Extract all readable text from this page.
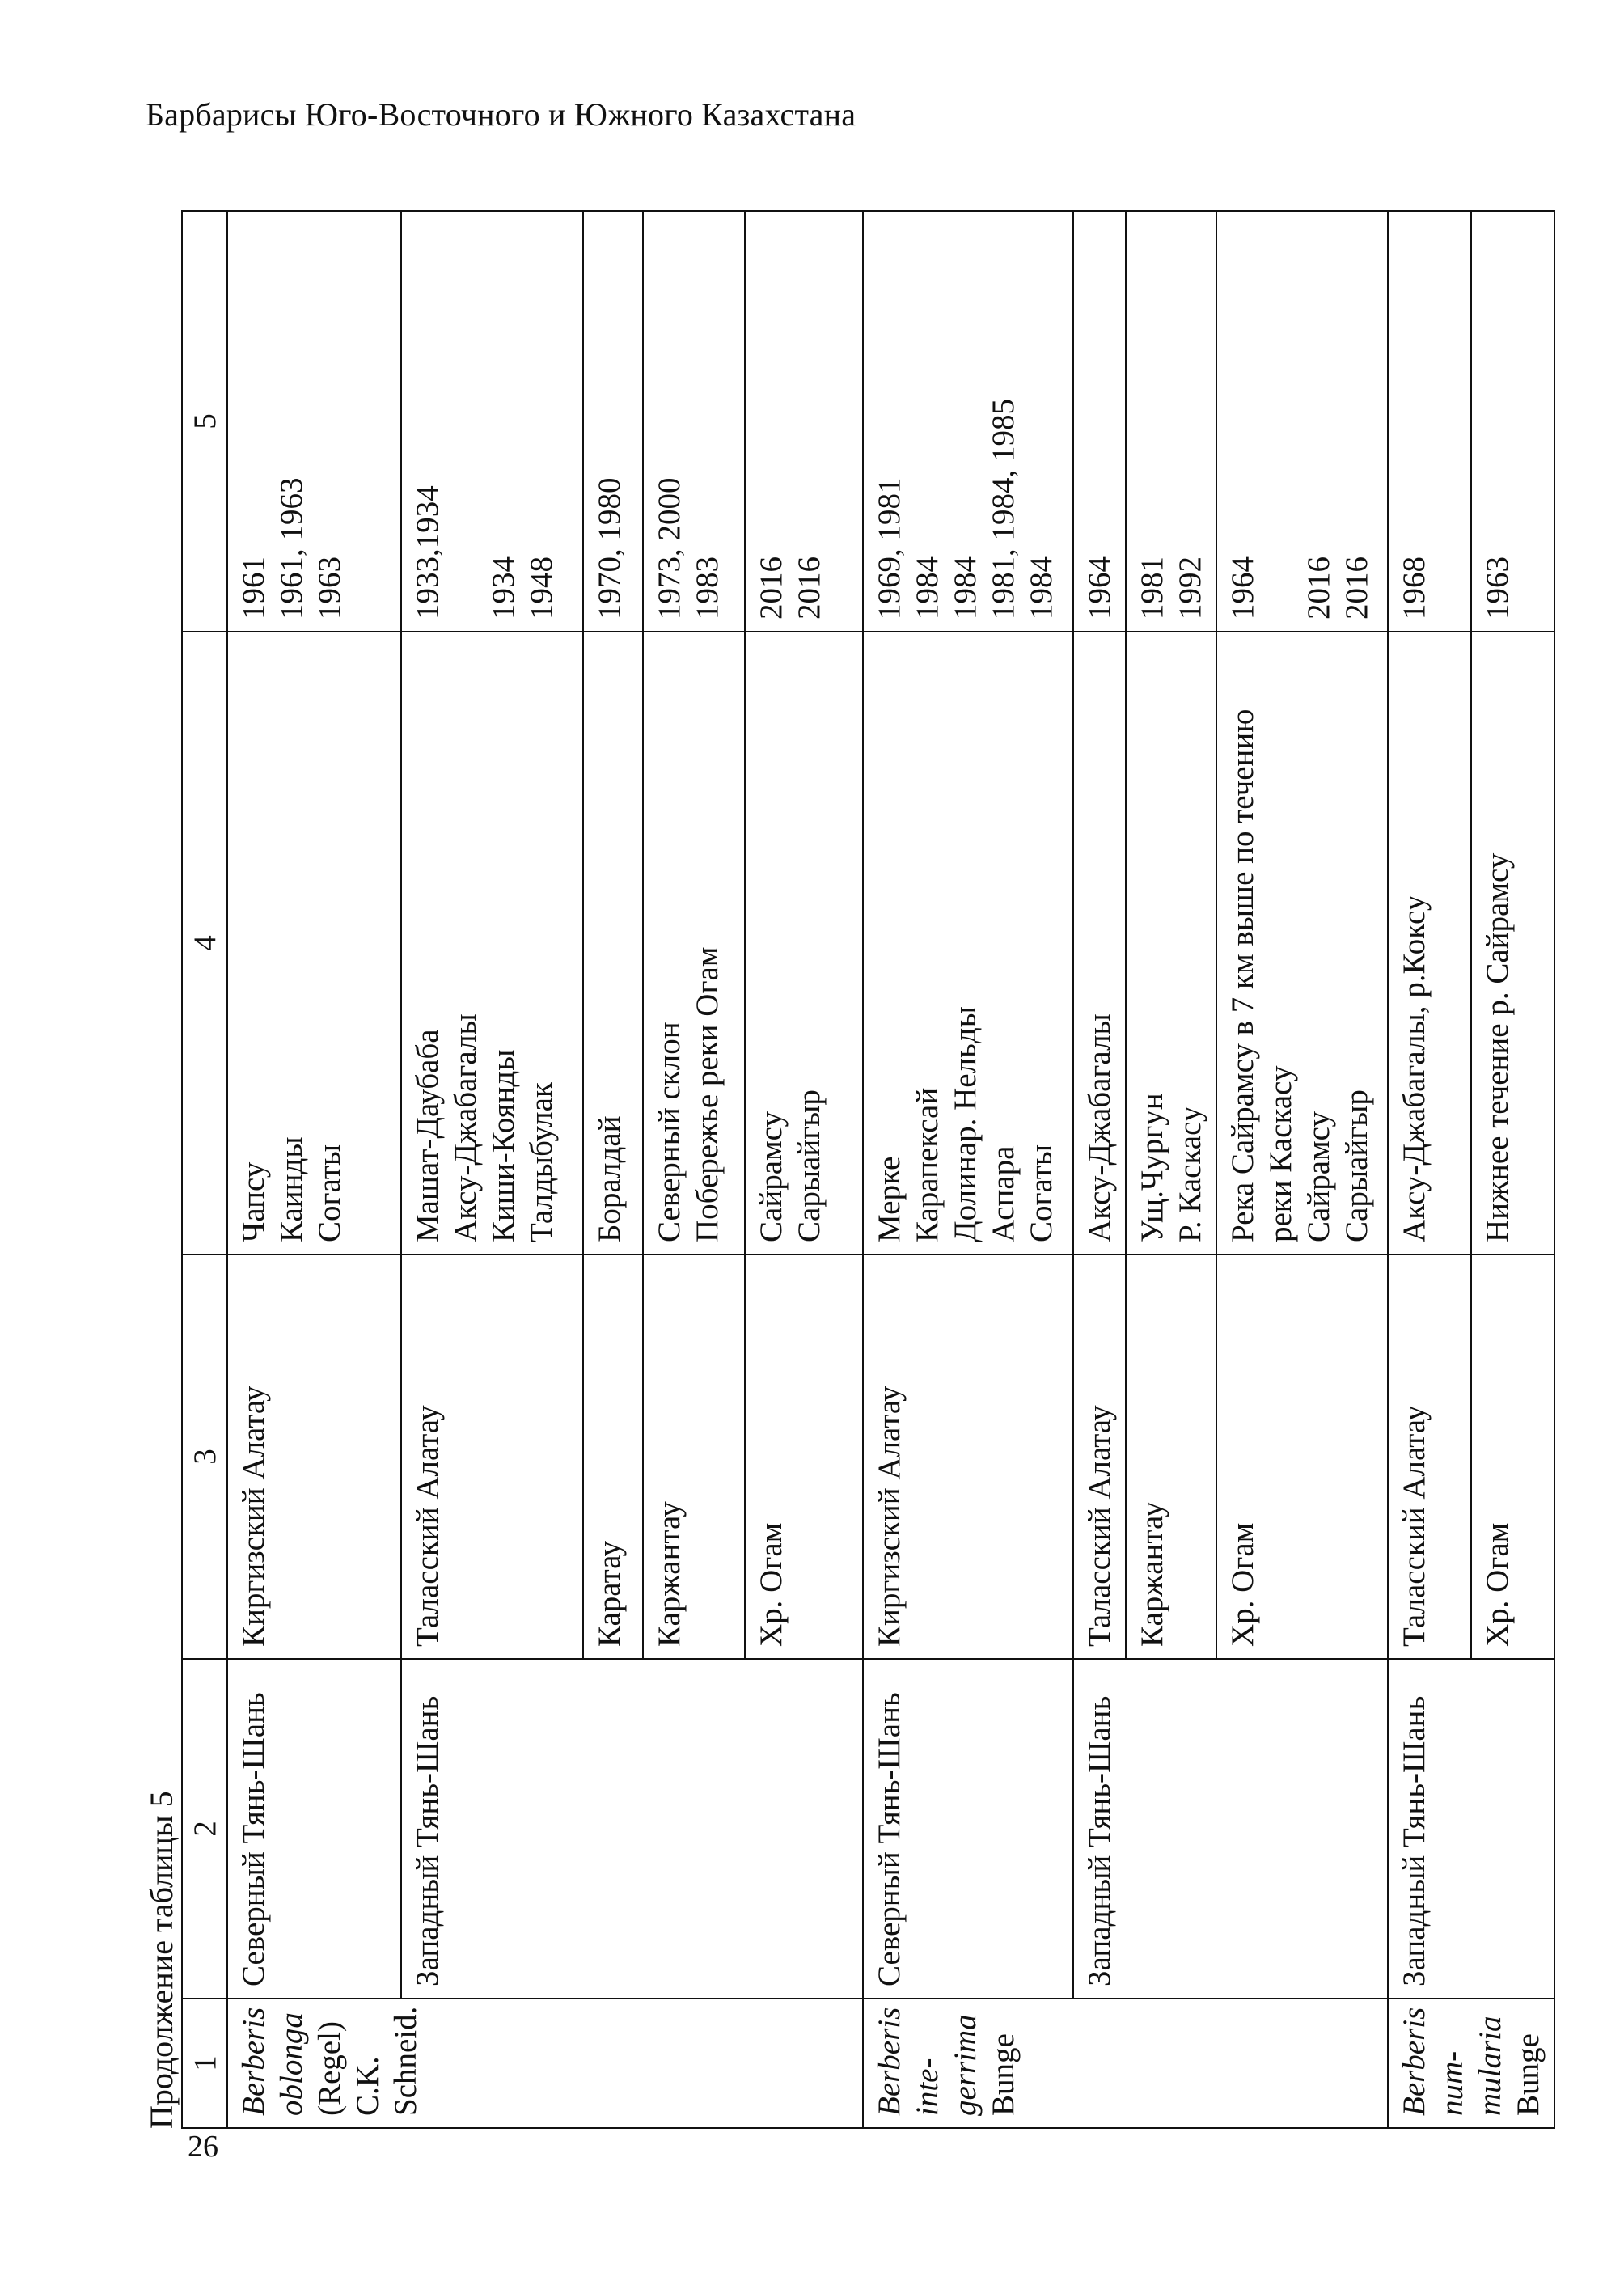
Барбарисы Юго-Восточного и Южного Казахстана
Продолжение таблицы 5 1	2	3	4	5
Berberis
oblonga
(Regel) C.K.
Schneid.	Северный Тянь-Шань	Киргизский Алатау	Чапсу
Каинды
Согаты	1961
1961, 1963
1963
	Западный Тянь-Шань	Таласский Алатау	Машат-Даубаба
Аксу-Джабагалы
Киши-Коянды
Талдыбулак	1933,1934

1934
1948
		Каратау	Боралдай	1970, 1980
		Каржантау	Северный склон
Побережье реки Огам	1973, 2000
1983
		Хр. Огам	Сайрамсу
Сарыайгыр	2016
2016
Berberis inte-
gerrima Bunge	Северный Тянь-Шань	Киргизский Алатау	Мерке
Карапексай
Долинар. Нельды
Аспара
Согаты	1969, 1981
1984
1984
1981, 1984, 1985
1984
	Западный Тянь-Шань	Таласский Алатау	Аксу-Джабагалы	1964
		Каржантау	Ущ.Чургун
Р. Каскасу	1981
1992
		Хр. Огам	Река Сайрамсу в 7 км выше по течению реки Каскасу
Сайрамсу
Сарыайгыр	1964

2016
2016
Berberis num-
mularia Bunge	Западный Тянь-Шань	Таласский Алатау	Аксу-Джабагалы, р.Коксу	1968
		Хр. Огам	Нижнее течение р. Сайрамсу	1963
26
